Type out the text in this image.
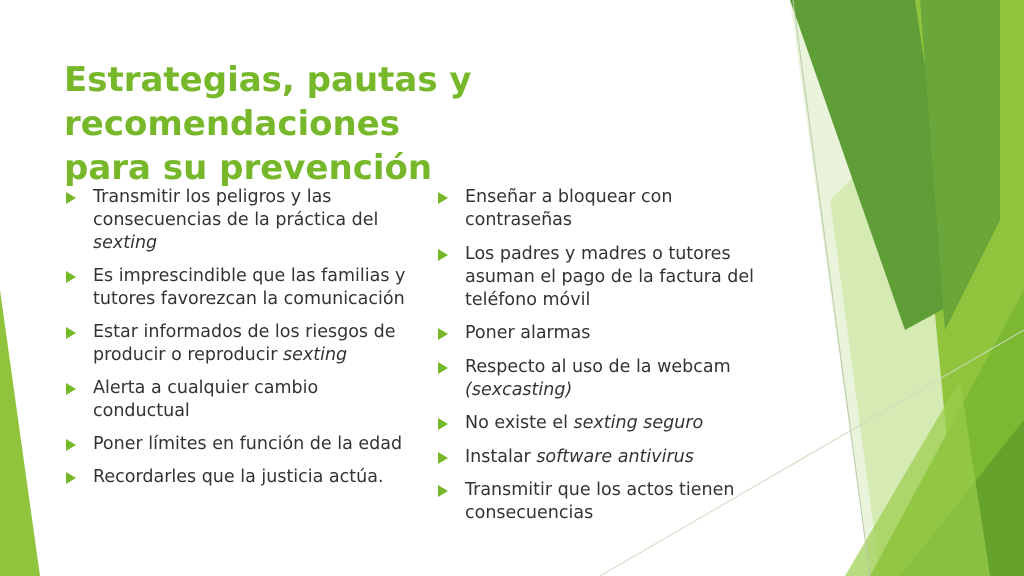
Estrategias, pautas y recomendaciones
para su prevención
Transmitir los peligros y las consecuencias de la práctica del sexting
Es imprescindible que las familias y tutores favorezcan la comunicación
Estar informados de los riesgos de producir o reproducir sexting
Alerta a cualquier cambio conductual
Poner límites en función de la edad
Recordarles que la justicia actúa.
Enseñar a bloquear con contraseñas
Los padres y madres o tutores asuman el pago de la factura del teléfono móvil
Poner alarmas
Respecto al uso de la webcam (sexcasting)
No existe el sexting seguro
Instalar software antivirus
Transmitir que los actos tienen consecuencias
